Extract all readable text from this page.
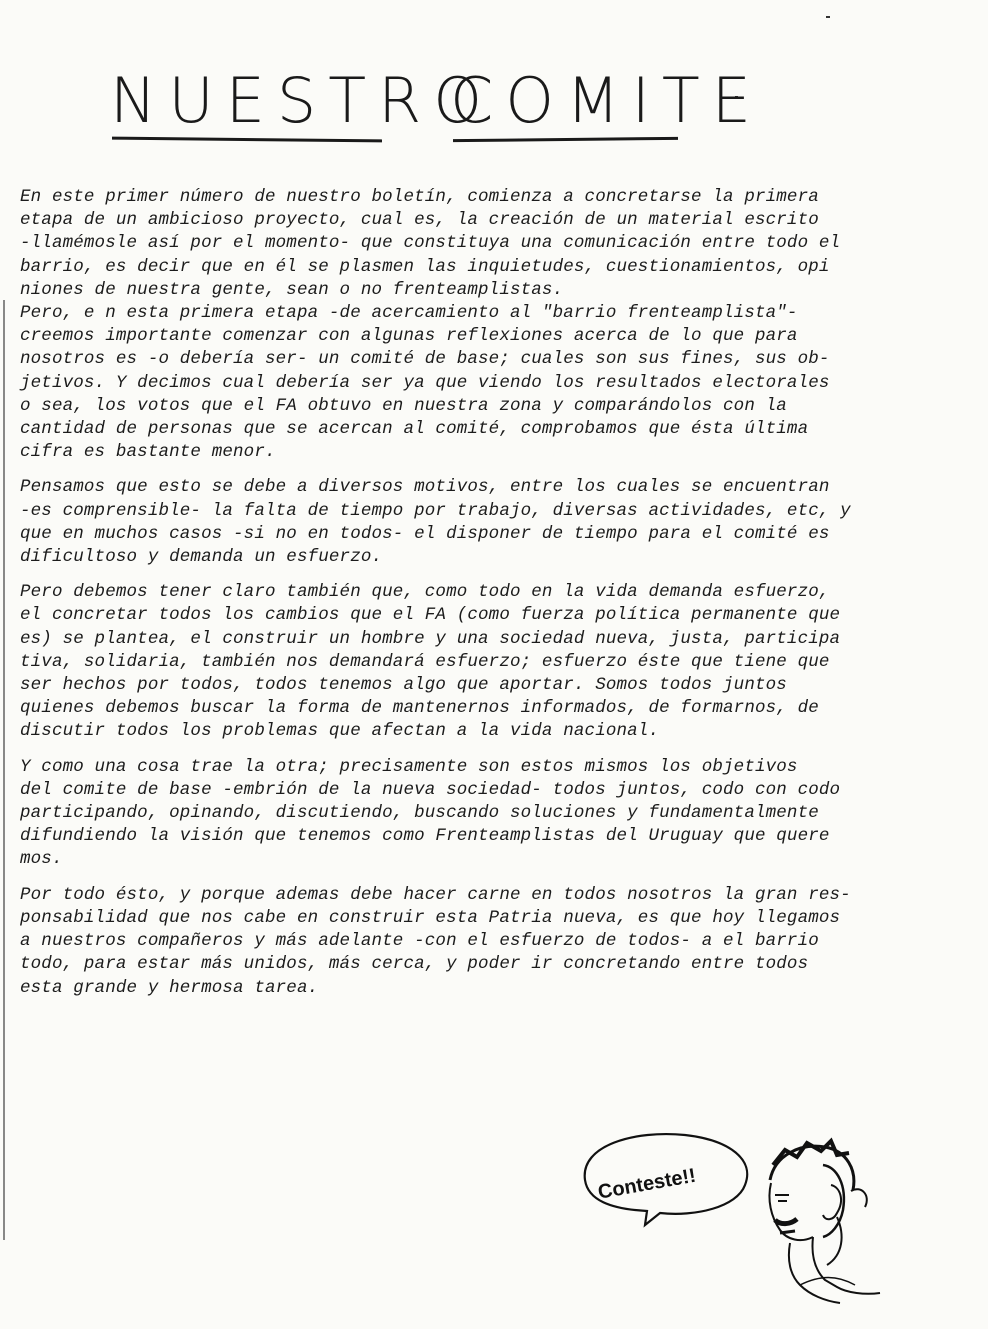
NUESTRO
COMITE

En este primer número de nuestro boletín, comienza a concretarse la primera
etapa de un ambicioso proyecto, cual es, la creación de un material escrito
-llamémosle así por el momento- que constituya una comunicación entre todo el
barrio, es decir que en él se plasmen las inquietudes, cuestionamientos, opi
niones de nuestra gente, sean o no frenteamplistas.
Pero, e n esta primera etapa -de acercamiento al "barrio frenteamplista"-
creemos importante comenzar con algunas reflexiones acerca de lo que para
nosotros es -o debería ser- un comité de base; cuales son sus fines, sus ob-
jetivos. Y decimos cual debería ser ya que viendo los resultados electorales
o sea, los votos que el FA obtuvo en nuestra zona y comparándolos con la
cantidad de personas que se acercan al comité, comprobamos que ésta última
cifra es bastante menor.

Pensamos que esto se debe a diversos motivos, entre los cuales se encuentran
-es comprensible- la falta de tiempo por trabajo, diversas actividades, etc, y
que en muchos casos -si no en todos- el disponer de tiempo para el comité es
dificultoso y demanda un esfuerzo.

Pero debemos tener claro también que, como todo en la vida demanda esfuerzo,
el concretar todos los cambios que el FA (como fuerza política permanente que
es) se plantea, el construir un hombre y una sociedad nueva, justa, participa
tiva, solidaria, también nos demandará esfuerzo; esfuerzo éste que tiene que
ser hechos por todos, todos tenemos algo que aportar. Somos todos juntos
quienes debemos buscar la forma de mantenernos informados, de formarnos, de
discutir todos los problemas que afectan a la vida nacional.

Y como una cosa trae la otra; precisamente son estos mismos los objetivos
del comite de base -embrión de la nueva sociedad- todos juntos, codo con codo
participando, opinando, discutiendo, buscando soluciones y fundamentalmente
difundiendo la visión que tenemos como Frenteamplistas del Uruguay que quere
mos.

Por todo ésto, y porque ademas debe hacer carne en todos nosotros la gran res-
ponsabilidad que nos cabe en construir esta Patria nueva, es que hoy llegamos
a nuestros compañeros y más adelante -con el esfuerzo de todos- a el barrio
todo, para estar más unidos, más cerca, y poder ir concretando entre todos
esta grande y hermosa tarea.

Conteste!!
